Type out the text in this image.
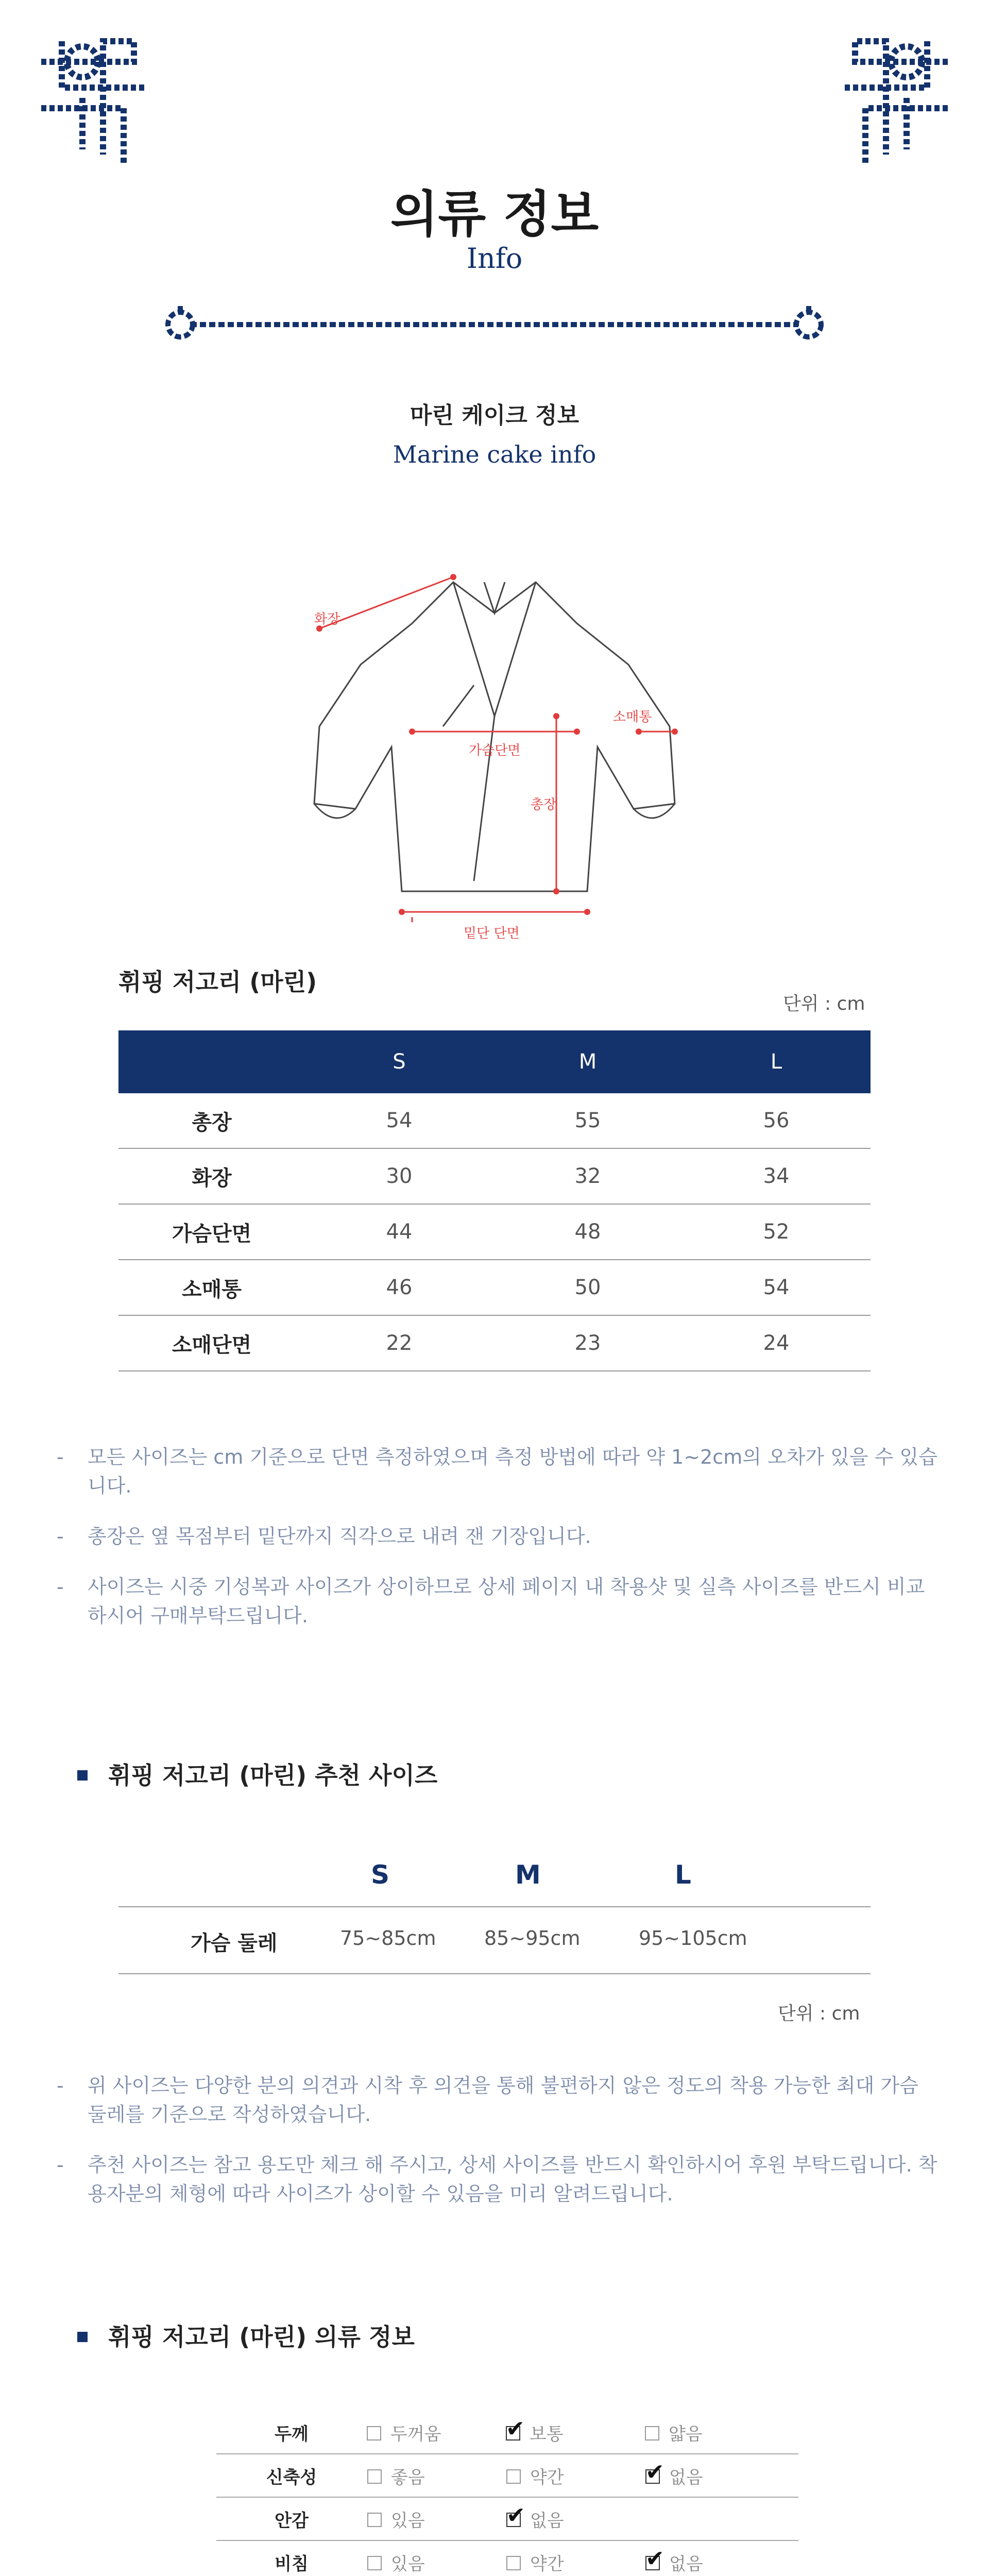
의류 정보
Info
마린 케이크 정보
Marine cake info
화장
가슴단면
소매통
총장
밑단 단면
휘핑 저고리 (마린)
단위 : cm
	S	M	L
총장	54	55	56
화장	30	32	34
가슴단면	44	48	52
소매통	46	50	54
소매단면	22	23	24

- 모든 사이즈는 cm 기준으로 단면 측정하였으며 측정 방법에 따라 약 1~2cm의 오차가 있을 수 있습니다.

- 총장은 옆 목점부터 밑단까지 직각으로 내려 잰 기장입니다.

- 사이즈는 시중 기성복과 사이즈가 상이하므로 상세 페이지 내 착용샷 및 실측 사이즈를 반드시 비교하시어 구매부탁드립니다.

휘핑 저고리 (마린) 추천 사이즈
S	M	L
가슴 둘레	75~85cm 85~95cm	95~105cm
단위 : cm

- 위 사이즈는 다양한 분의 의견과 시착 후 의견을 통해 불편하지 않은 정도의 착용 가능한 최대 가슴 둘레를 기준으로 작성하였습니다.

- 추천 사이즈는 참고 용도만 체크 해 주시고, 상세 사이즈를 반드시 확인하시어 후원 부탁드립니다. 착용자분의 체형에 따라 사이즈가 상이할 수 있음을 미리 알려드립니다.

휘핑 저고리 (마린) 의류 정보
두께	두꺼움 ✔ 보통 얇음
신축성	좋음 약간 ✔ 없음
안감	있음 ✔ 없음
비침	있음 약간 ✔ 없음
